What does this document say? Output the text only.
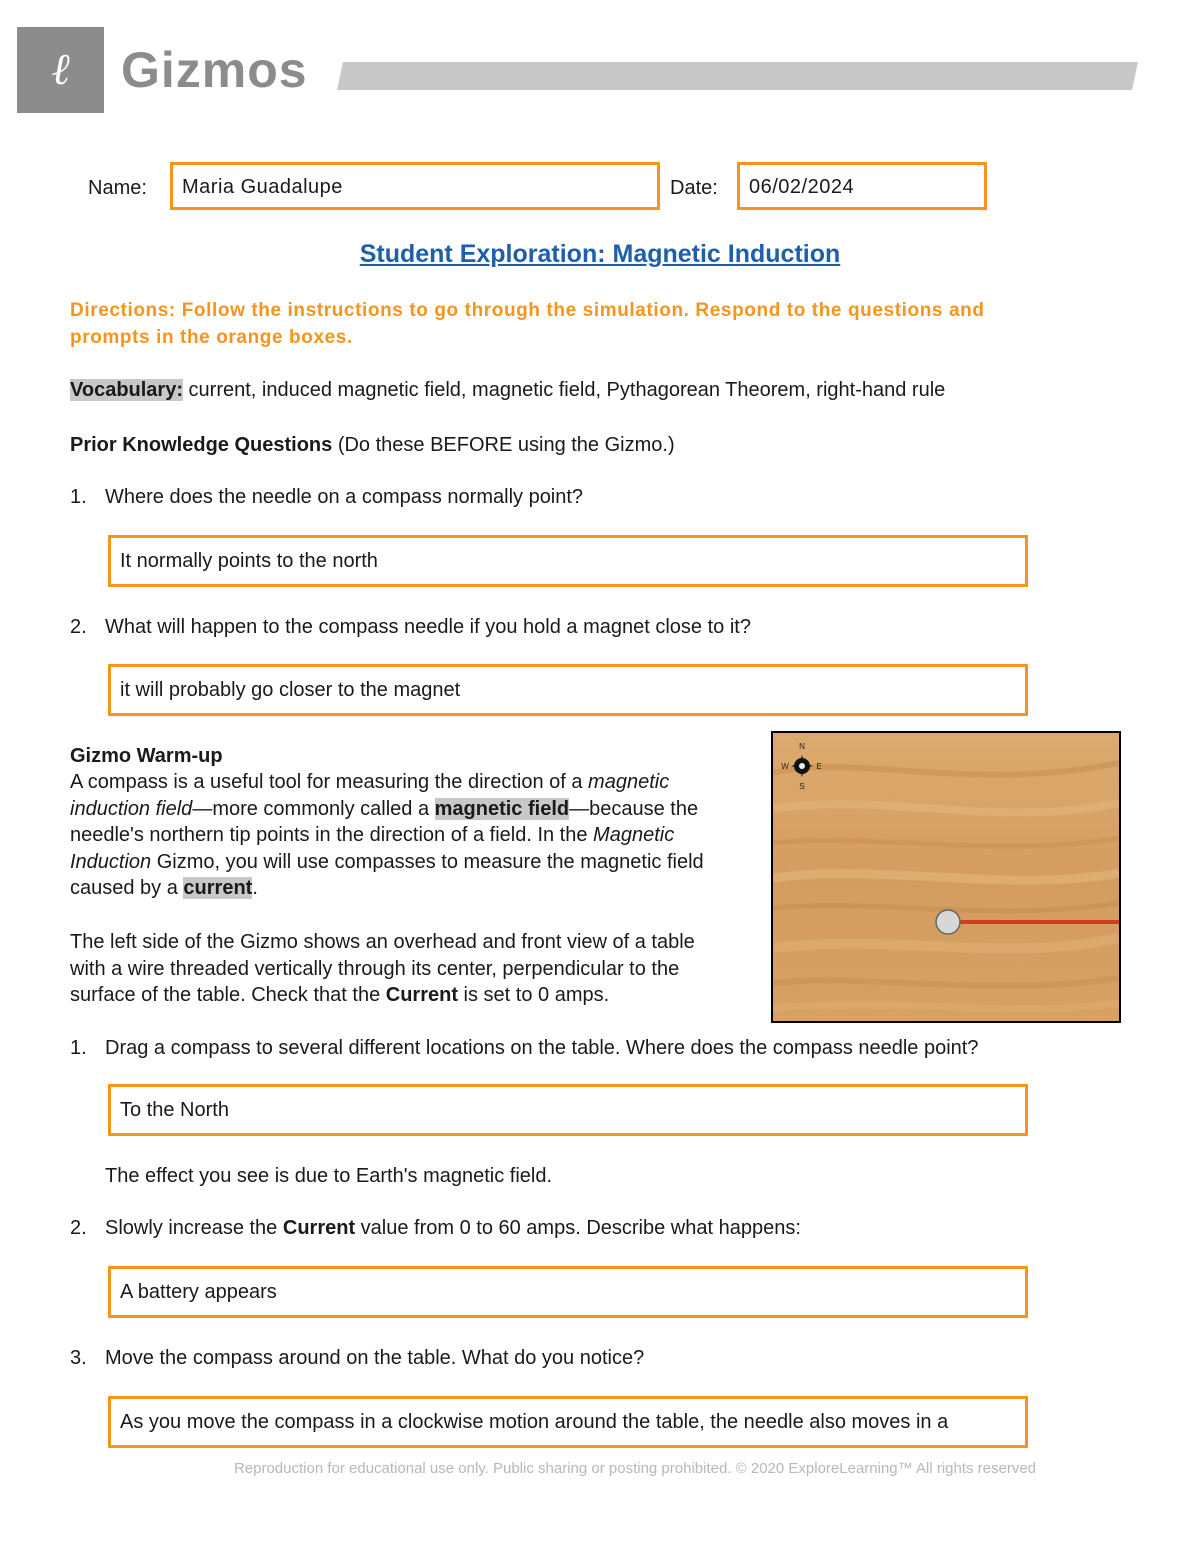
ℓ	Gizmos
Name:	Maria Guadalupe	Date:	06/02/2024
Student Exploration: Magnetic Induction
Directions: Follow the instructions to go through the simulation. Respond to the questions and prompts in the orange boxes.
Vocabulary: current, induced magnetic field, magnetic field, Pythagorean Theorem, right-hand rule
Prior Knowledge Questions (Do these BEFORE using the Gizmo.)
1. Where does the needle on a compass normally point?
It normally points to the north
2. What will happen to the compass needle if you hold a magnet close to it?
it will probably go closer to the magnet
Gizmo Warm-up
A compass is a useful tool for measuring the direction of a magnetic induction field—more commonly called a magnetic field—because the needle's northern tip points in the direction of a field. In the Magnetic Induction Gizmo, you will use compasses to measure the magnetic field caused by a current.
The left side of the Gizmo shows an overhead and front view of a table with a wire threaded vertically through its center, perpendicular to the surface of the table. Check that the Current is set to 0 amps.
N
W	E
S
1. Drag a compass to several different locations on the table. Where does the compass needle point?
To the North
The effect you see is due to Earth's magnetic field.
2. Slowly increase the Current value from 0 to 60 amps. Describe what happens:
A battery appears
3. Move the compass around on the table. What do you notice?
As you move the compass in a clockwise motion around the table, the needle also moves in a
Reproduction for educational use only. Public sharing or posting prohibited. © 2020 ExploreLearning™ All rights reserved
